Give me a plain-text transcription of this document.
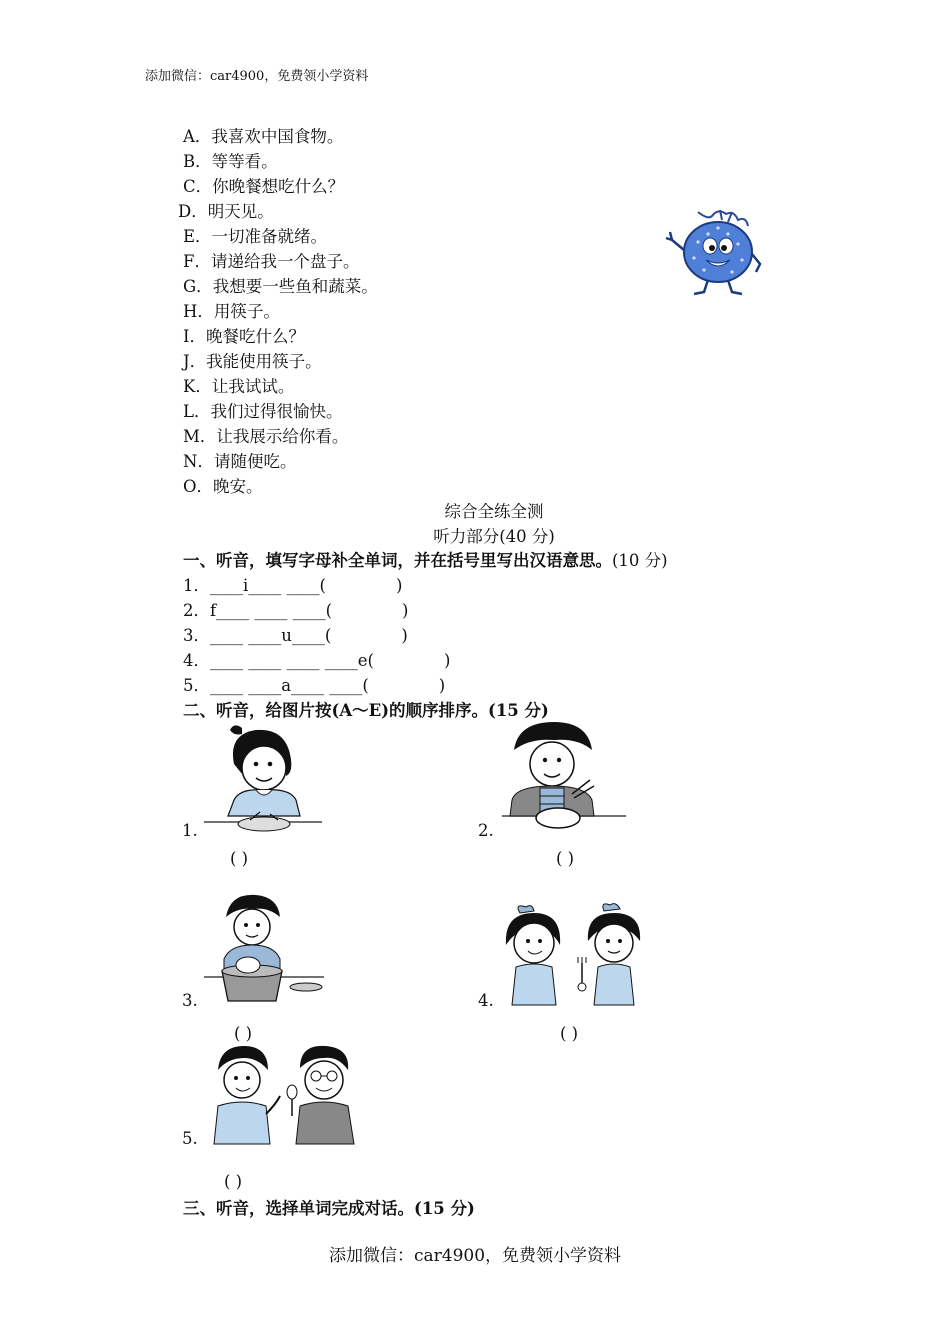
添加微信：car4900，免费领小学资料
A．我喜欢中国食物。
B．等等看。
C．你晚餐想吃什么？
D．明天见。
E．一切准备就绪。
F．请递给我一个盘子。
G．我想要一些鱼和蔬菜。
H．用筷子。
I．晚餐吃什么？
J．我能使用筷子。
K．让我试试。
L．我们过得很愉快。
M．让我展示给你看。
N．请随便吃。
O．晚安。
综合全练全测
听力部分(40 分)
一、听音，填写字母补全单词，并在括号里写出汉语意思。(10 分)
1．____i____ ____(	)
2．f____ ____ ____(	)
3．____ ____u____(	)
4．____ ____ ____ ____e(	)
5．____ ____a____ ____(	)
二、听音，给图片按(A～E)的顺序排序。(15 分)
1.
( )
2.
( )
3.
( )
4.
( )
5.
( )
三、听音，选择单词完成对话。(15 分)
添加微信：car4900，免费领小学资料
